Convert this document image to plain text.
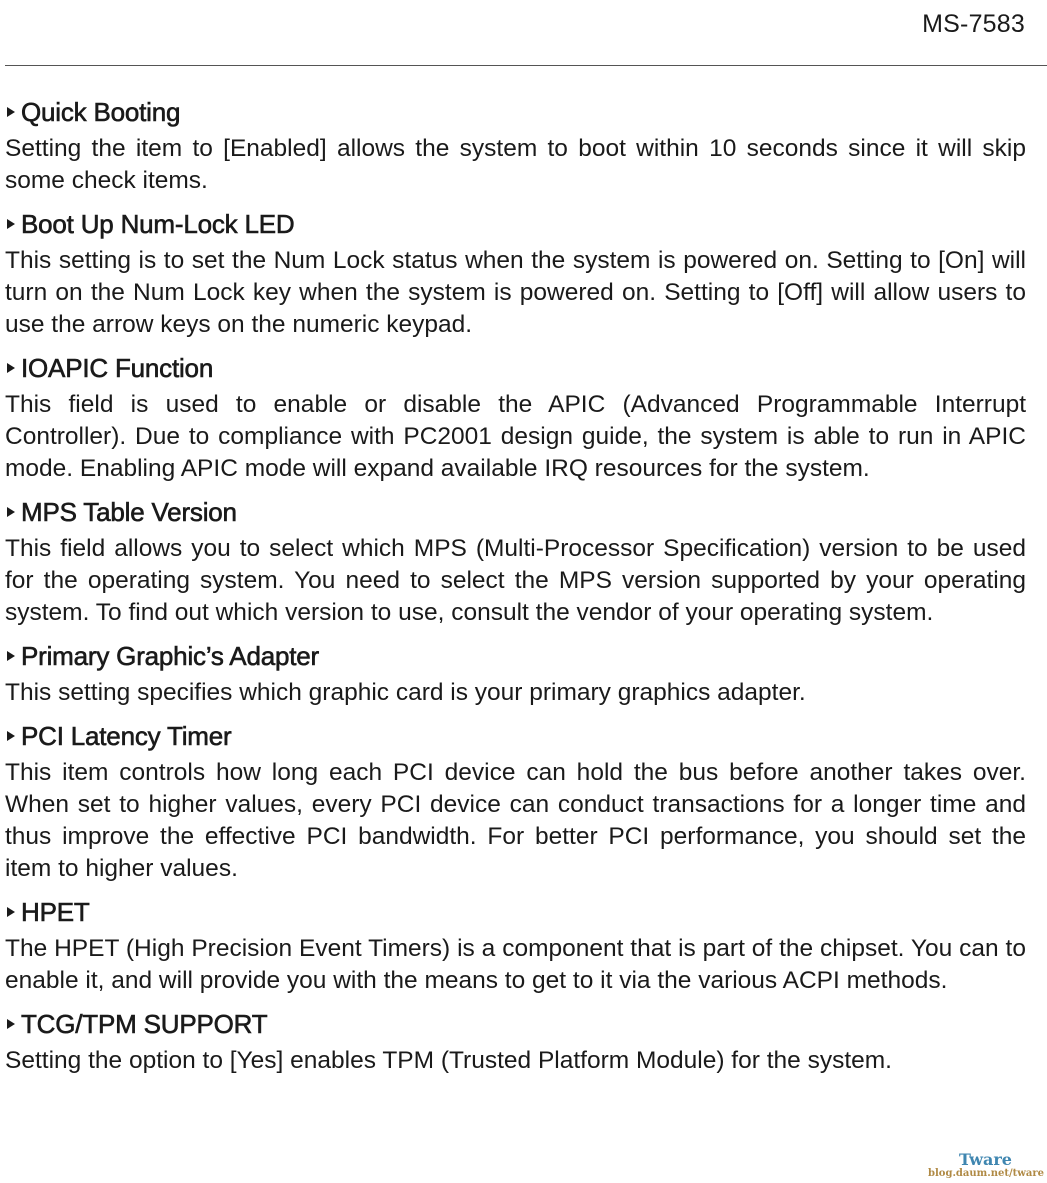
MS-7583
Quick Booting

Setting the item to [Enabled] allows the system to boot within 10 seconds since it will skip some check items.

Boot Up Num-Lock LED

This setting is to set the Num Lock status when the system is powered on. Setting to [On] will turn on the Num Lock key when the system is powered on. Setting to [Off] will allow users to use the arrow keys on the numeric keypad.

IOAPIC Function

This field is used to enable or disable the APIC (Advanced Programmable Interrupt Controller). Due to compliance with PC2001 design guide, the system is able to run in APIC mode. Enabling APIC mode will expand available IRQ resources for the system.

MPS Table Version

This field allows you to select which MPS (Multi-Processor Specification) version to be used for the operating system. You need to select the MPS version supported by your operating system. To find out which version to use, consult the vendor of your operating system.

Primary Graphic’s Adapter

This setting specifies which graphic card is your primary graphics adapter.

PCI Latency Timer

This item controls how long each PCI device can hold the bus before another takes over. When set to higher values, every PCI device can conduct transactions for a longer time and thus improve the effective PCI bandwidth. For better PCI performance, you should set the item to higher values.

HPET

The HPET (High Precision Event Timers) is a component that is part of the chipset. You can to enable it, and will provide you with the means to get to it via the various ACPI methods.

TCG/TPM SUPPORT

Setting the option to [Yes] enables TPM (Trusted Platform Module) for the system.

Tware
blog.daum.net/tware
